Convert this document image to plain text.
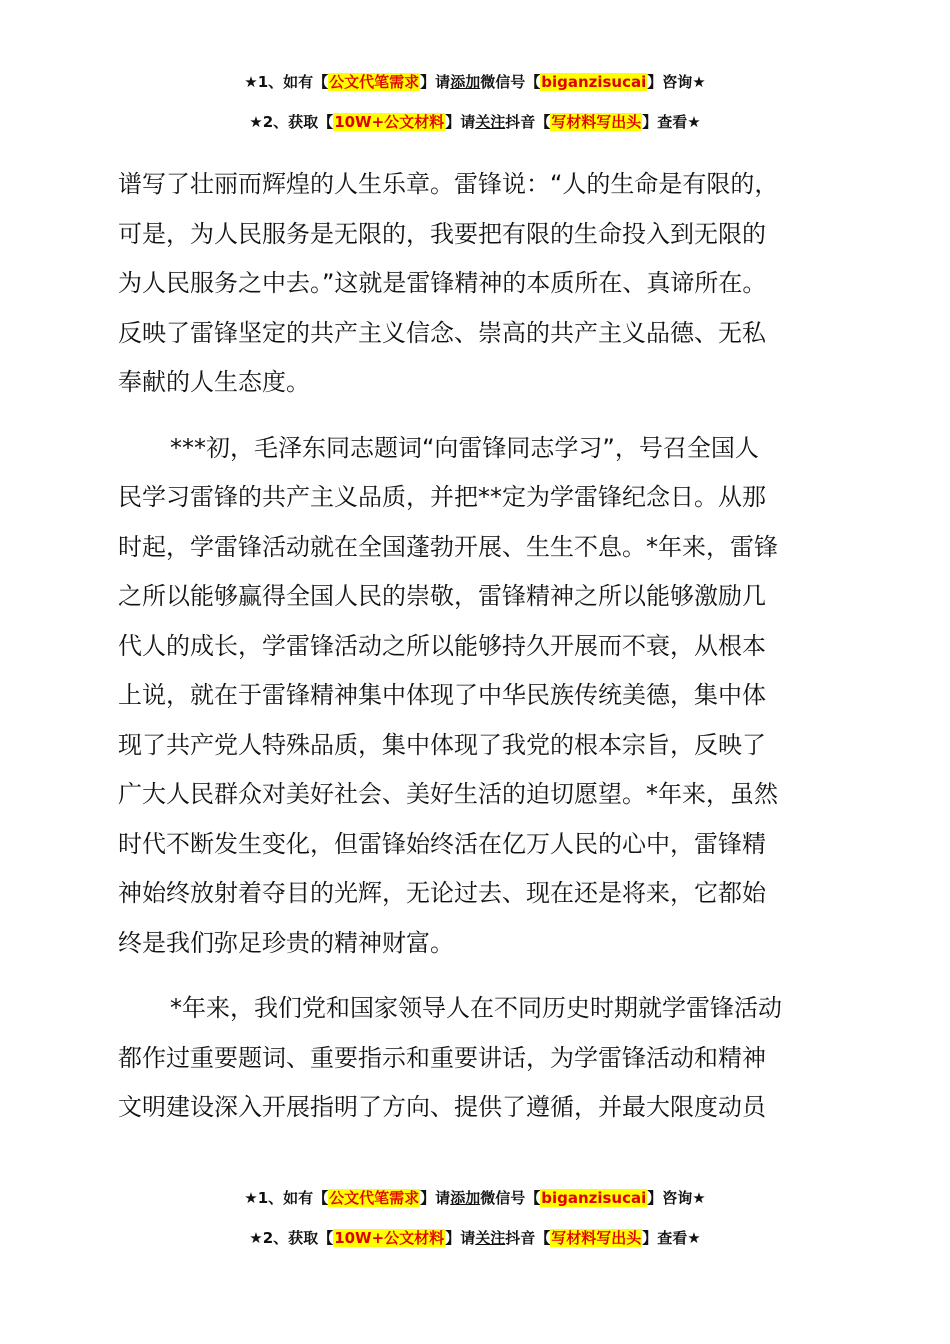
★1、如有【公文代笔需求】请添加微信号【biganzisucai】咨询★
★2、获取【10W+公文材料】请关注抖音【写材料写出头】查看★
谱写了壮丽而辉煌的人生乐章。雷锋说：“人的生命是有限的，
可是，为人民服务是无限的，我要把有限的生命投入到无限的
为人民服务之中去。”这就是雷锋精神的本质所在、真谛所在。
反映了雷锋坚定的共产主义信念、崇高的共产主义品德、无私
奉献的人生态度。
***初，毛泽东同志题词“向雷锋同志学习”，号召全国人
民学习雷锋的共产主义品质，并把**定为学雷锋纪念日。从那
时起，学雷锋活动就在全国蓬勃开展、生生不息。*年来，雷锋
之所以能够赢得全国人民的崇敬，雷锋精神之所以能够激励几
代人的成长，学雷锋活动之所以能够持久开展而不衰，从根本
上说，就在于雷锋精神集中体现了中华民族传统美德，集中体
现了共产党人特殊品质，集中体现了我党的根本宗旨，反映了
广大人民群众对美好社会、美好生活的迫切愿望。*年来，虽然
时代不断发生变化，但雷锋始终活在亿万人民的心中，雷锋精
神始终放射着夺目的光辉，无论过去、现在还是将来，它都始
终是我们弥足珍贵的精神财富。
*年来，我们党和国家领导人在不同历史时期就学雷锋活动
都作过重要题词、重要指示和重要讲话，为学雷锋活动和精神
文明建设深入开展指明了方向、提供了遵循，并最大限度动员
★1、如有【公文代笔需求】请添加微信号【biganzisucai】咨询★
★2、获取【10W+公文材料】请关注抖音【写材料写出头】查看★
